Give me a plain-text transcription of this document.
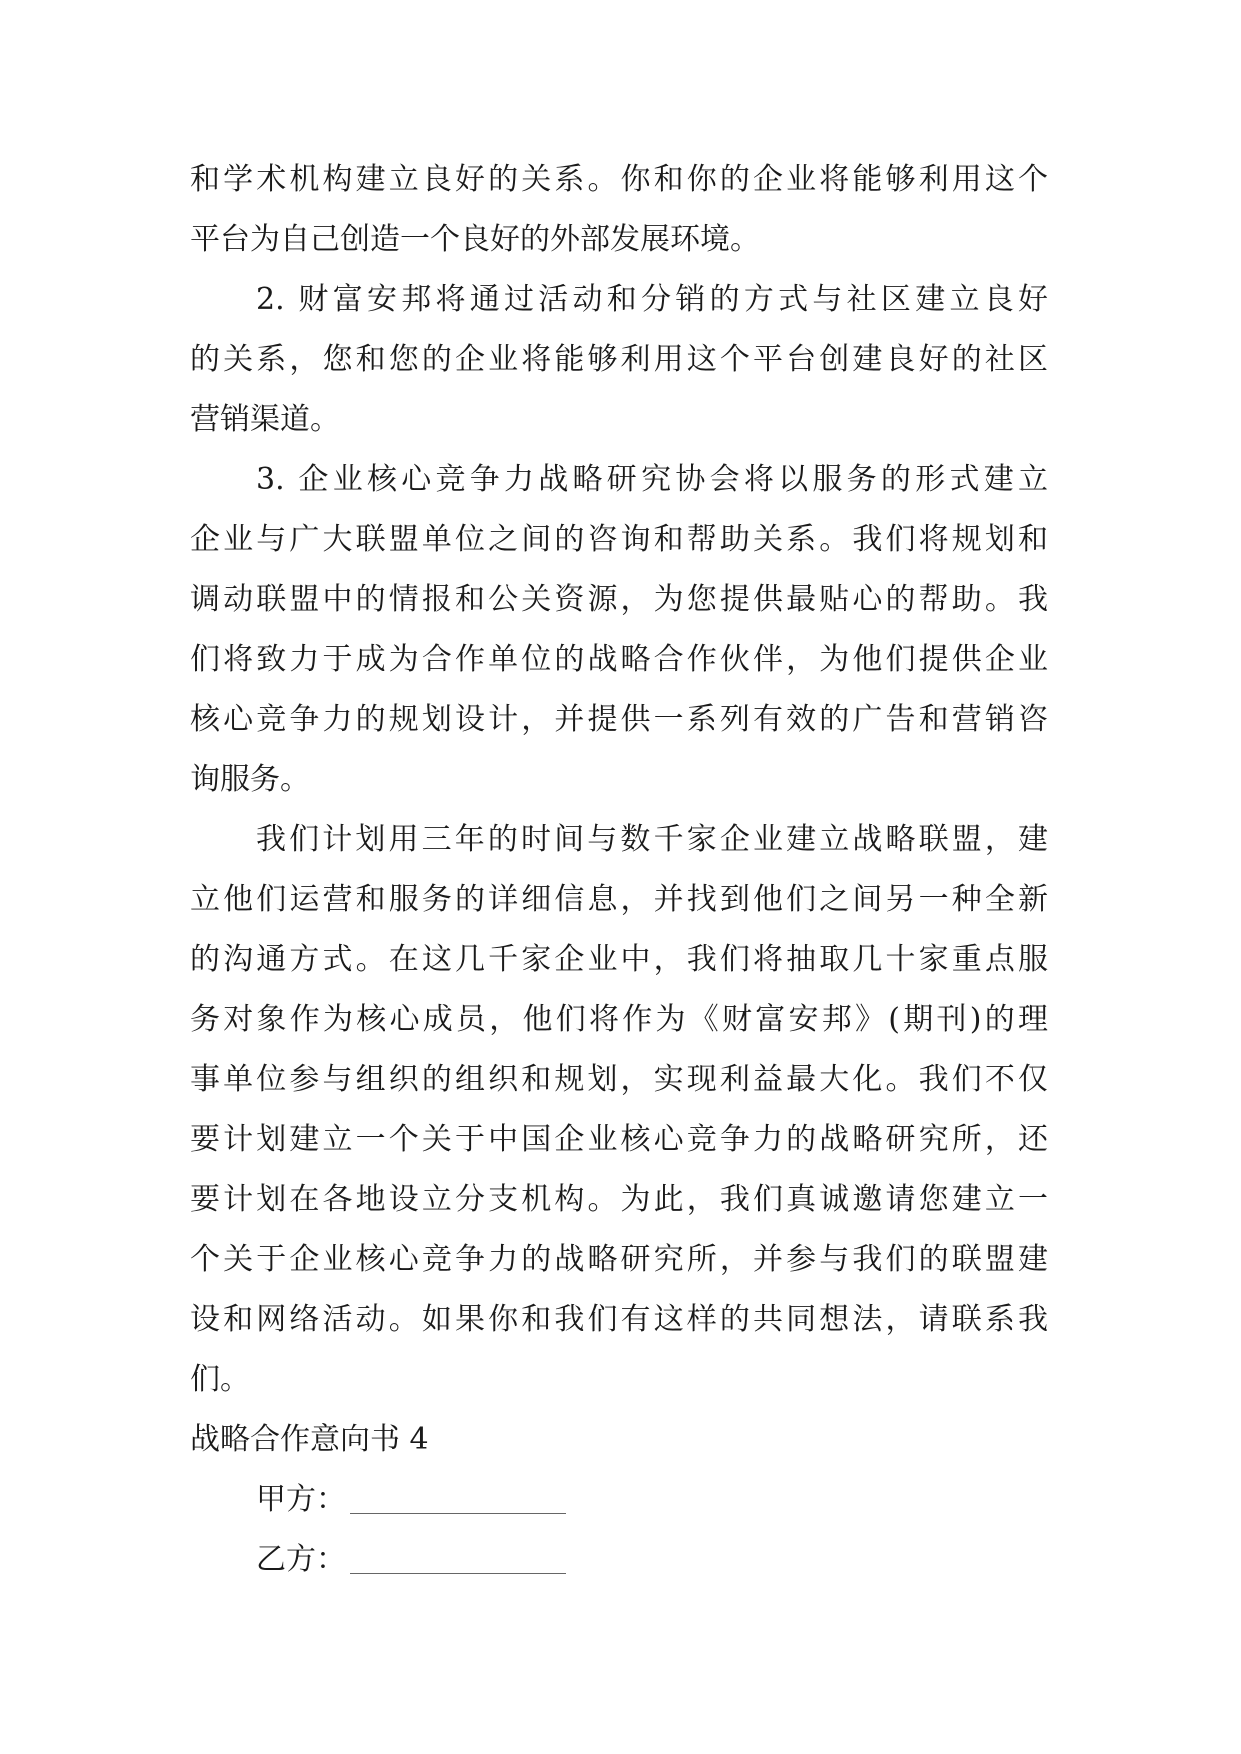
和学术机构建立良好的关系。你和你的企业将能够利用这个
平台为自己创造一个良好的外部发展环境。
2. 财富安邦将通过活动和分销的方式与社区建立良好
的关系，您和您的企业将能够利用这个平台创建良好的社区
营销渠道。
3. 企业核心竞争力战略研究协会将以服务的形式建立
企业与广大联盟单位之间的咨询和帮助关系。我们将规划和
调动联盟中的情报和公关资源，为您提供最贴心的帮助。我
们将致力于成为合作单位的战略合作伙伴，为他们提供企业
核心竞争力的规划设计，并提供一系列有效的广告和营销咨
询服务。
我们计划用三年的时间与数千家企业建立战略联盟，建
立他们运营和服务的详细信息，并找到他们之间另一种全新
的沟通方式。在这几千家企业中，我们将抽取几十家重点服
务对象作为核心成员，他们将作为《财富安邦》(期刊)的理
事单位参与组织的组织和规划，实现利益最大化。我们不仅
要计划建立一个关于中国企业核心竞争力的战略研究所，还
要计划在各地设立分支机构。为此，我们真诚邀请您建立一
个关于企业核心竞争力的战略研究所，并参与我们的联盟建
设和网络活动。如果你和我们有这样的共同想法，请联系我
们。
战略合作意向书 4
甲方：
乙方：
